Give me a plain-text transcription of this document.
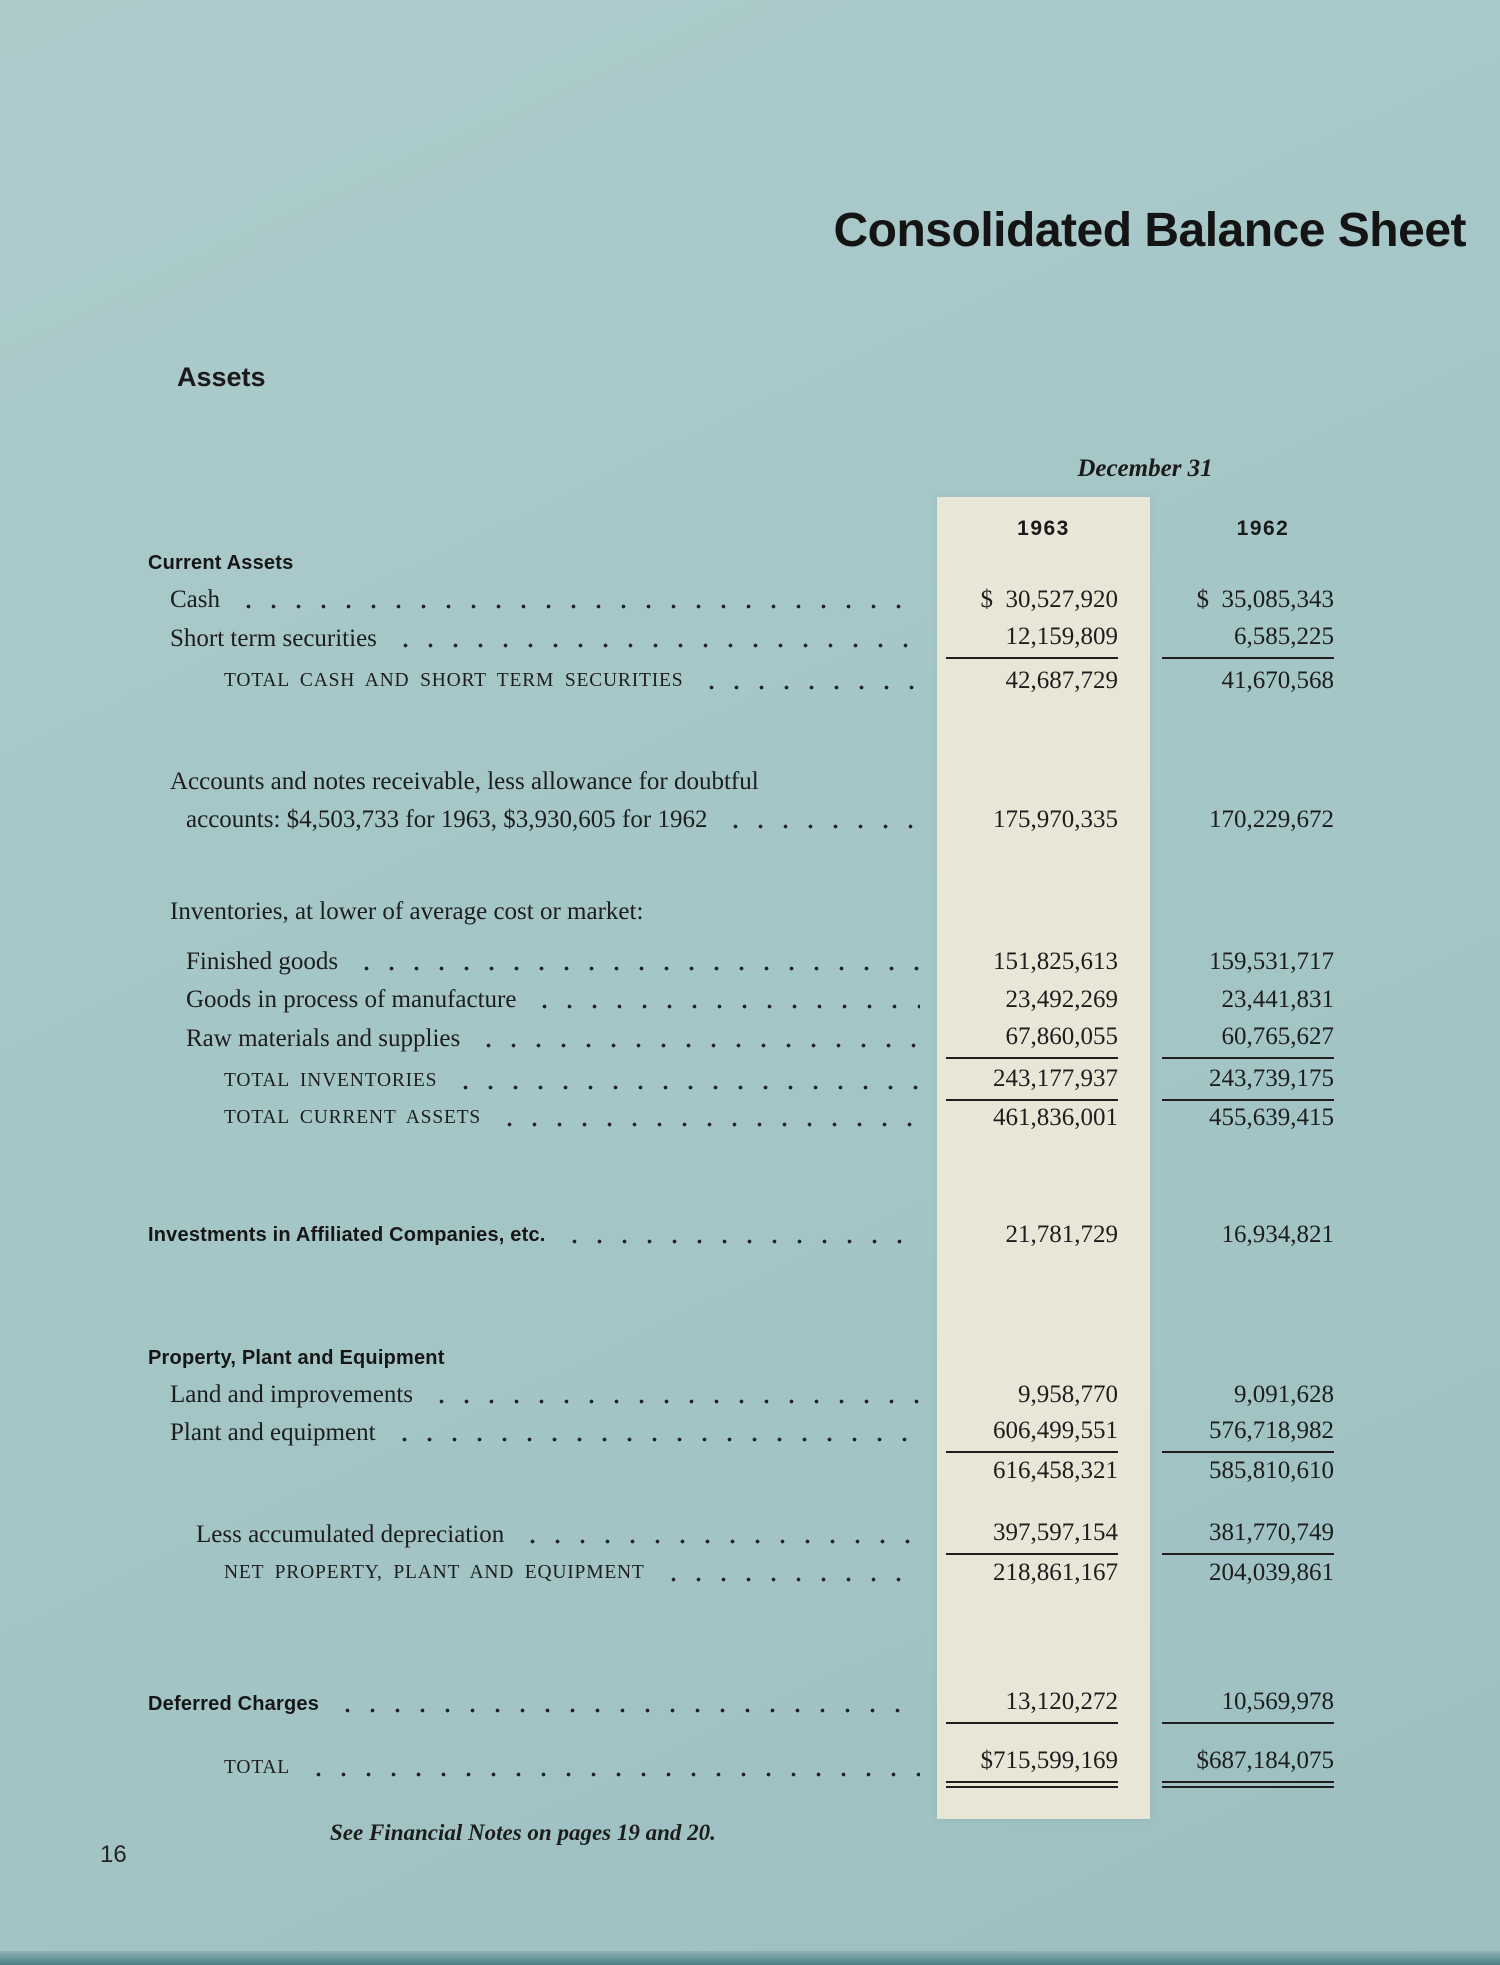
Consolidated Balance Sheet
Assets
December 31
1963	1962
Current Assets
Cash	$ 30,527,920	$ 35,085,343
Short term securities	12,159,809	6,585,225
TOTAL CASH AND SHORT TERM SECURITIES	42,687,729	41,670,568
Accounts and notes receivable, less allowance for doubtful
accounts: $4,503,733 for 1963, $3,930,605 for 1962	175,970,335	170,229,672
Inventories, at lower of average cost or market:
Finished goods	151,825,613	159,531,717
Goods in process of manufacture	23,492,269	23,441,831
Raw materials and supplies	67,860,055	60,765,627
TOTAL INVENTORIES	243,177,937	243,739,175
TOTAL CURRENT ASSETS	461,836,001	455,639,415
Investments in Affiliated Companies, etc.	21,781,729	16,934,821
Property, Plant and Equipment
Land and improvements	9,958,770	9,091,628
Plant and equipment	606,499,551	576,718,982
616,458,321	585,810,610
Less accumulated depreciation	397,597,154	381,770,749
NET PROPERTY, PLANT AND EQUIPMENT	218,861,167	204,039,861
Deferred Charges	13,120,272	10,569,978
TOTAL	$715,599,169	$687,184,075
See Financial Notes on pages 19 and 20.
16
